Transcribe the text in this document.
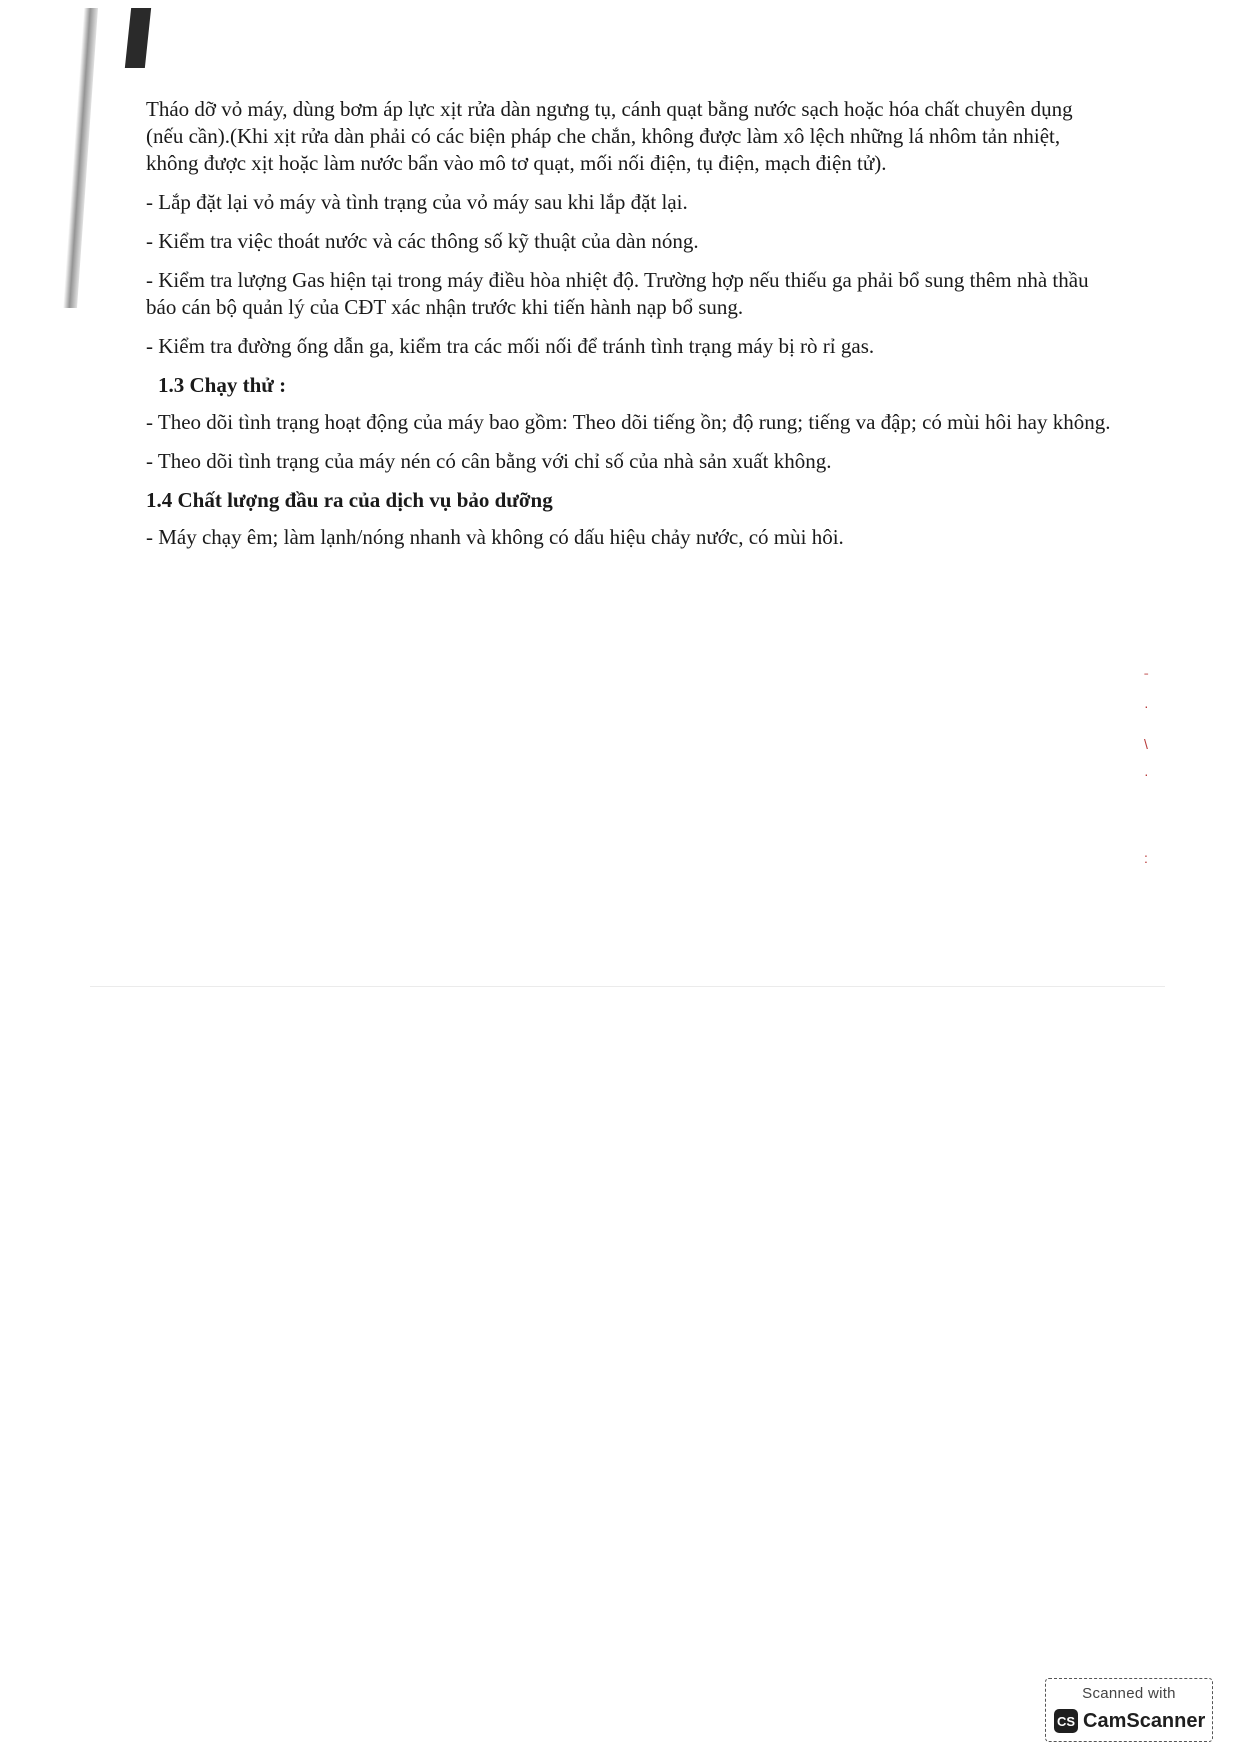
ˉ
·
\
·
:

Tháo dỡ vỏ máy, dùng bơm áp lực xịt rửa dàn ngưng tụ, cánh quạt bằng nước sạch hoặc hóa chất chuyên dụng (nếu cần).(Khi xịt rửa dàn phải có các biện pháp che chắn, không được làm xô lệch những lá nhôm tản nhiệt, không được xịt hoặc làm nước bẩn vào mô tơ quạt, mối nối điện, tụ điện, mạch điện tử).

- Lắp đặt lại vỏ máy và tình trạng của vỏ máy sau khi lắp đặt lại.

- Kiểm tra việc thoát nước và các thông số kỹ thuật của dàn nóng.

- Kiểm tra lượng Gas hiện tại trong máy điều hòa nhiệt độ. Trường hợp nếu thiếu ga phải bổ sung thêm nhà thầu báo cán bộ quản lý của CĐT xác nhận trước khi tiến hành nạp bổ sung.

- Kiểm tra đường ống dẫn ga, kiểm tra các mối nối để tránh tình trạng máy bị rò rỉ gas.

1.3 Chạy thử :

- Theo dõi tình trạng hoạt động của máy bao gồm: Theo dõi tiếng ồn; độ rung; tiếng va đập; có mùi hôi hay không.

- Theo dõi tình trạng của máy nén có cân bằng với chỉ số của nhà sản xuất không.

1.4 Chất lượng đầu ra của dịch vụ bảo dưỡng

- Máy chạy êm; làm lạnh/nóng nhanh và không có dấu hiệu chảy nước, có mùi hôi.

Scanned with
CS CamScanner
